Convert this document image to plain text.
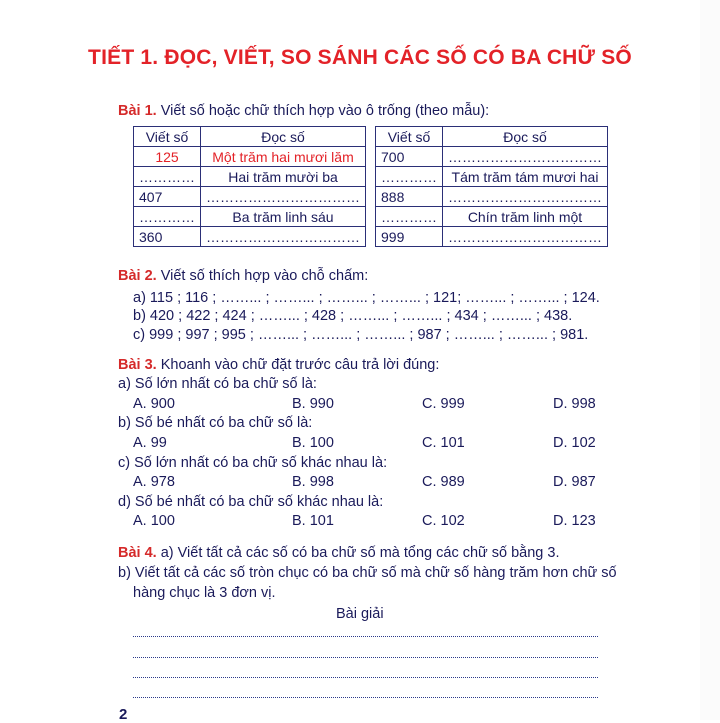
TIẾT 1. ĐỌC, VIẾT, SO SÁNH CÁC SỐ CÓ BA CHỮ SỐ
Bài 1. Viết số hoặc chữ thích hợp vào ô trống (theo mẫu):
Viết số	Đọc số
125	Một trăm hai mươi lăm
…………	Hai trăm mười ba
407	……………………………
…………	Ba trăm linh sáu
360	……………………………
Viết số	Đọc số
700	……………………………
…………	Tám trăm tám mươi hai
888	……………………………
…………	Chín trăm linh một
999	……………………………
Bài 2. Viết số thích hợp vào chỗ chấm:
a) 115 ; 116 ; ……... ; ……... ; ……... ; ……... ; 121; ……... ; ……... ; 124.
b) 420 ; 422 ; 424 ; ……... ; 428 ; ……... ; ……... ; 434 ; ……... ; 438.
c) 999 ; 997 ; 995 ; ……... ; ……... ; ……... ; 987 ; ……... ; ……... ; 981.
Bài 3. Khoanh vào chữ đặt trước câu trả lời đúng:
a) Số lớn nhất có ba chữ số là:
A. 900	B. 990	C. 999	D. 998
b) Số bé nhất có ba chữ số là:
A. 99	B. 100	C. 101	D. 102
c) Số lớn nhất có ba chữ số khác nhau là:
A. 978	B. 998	C. 989	D. 987
d) Số bé nhất có ba chữ số khác nhau là:
A. 100	B. 101	C. 102	D. 123
Bài 4. a) Viết tất cả các số có ba chữ số mà tổng các chữ số bằng 3.
b) Viết tất cả các số tròn chục có ba chữ số mà chữ số hàng trăm hơn chữ số
hàng chục là 3 đơn vị.
Bài giải
2
